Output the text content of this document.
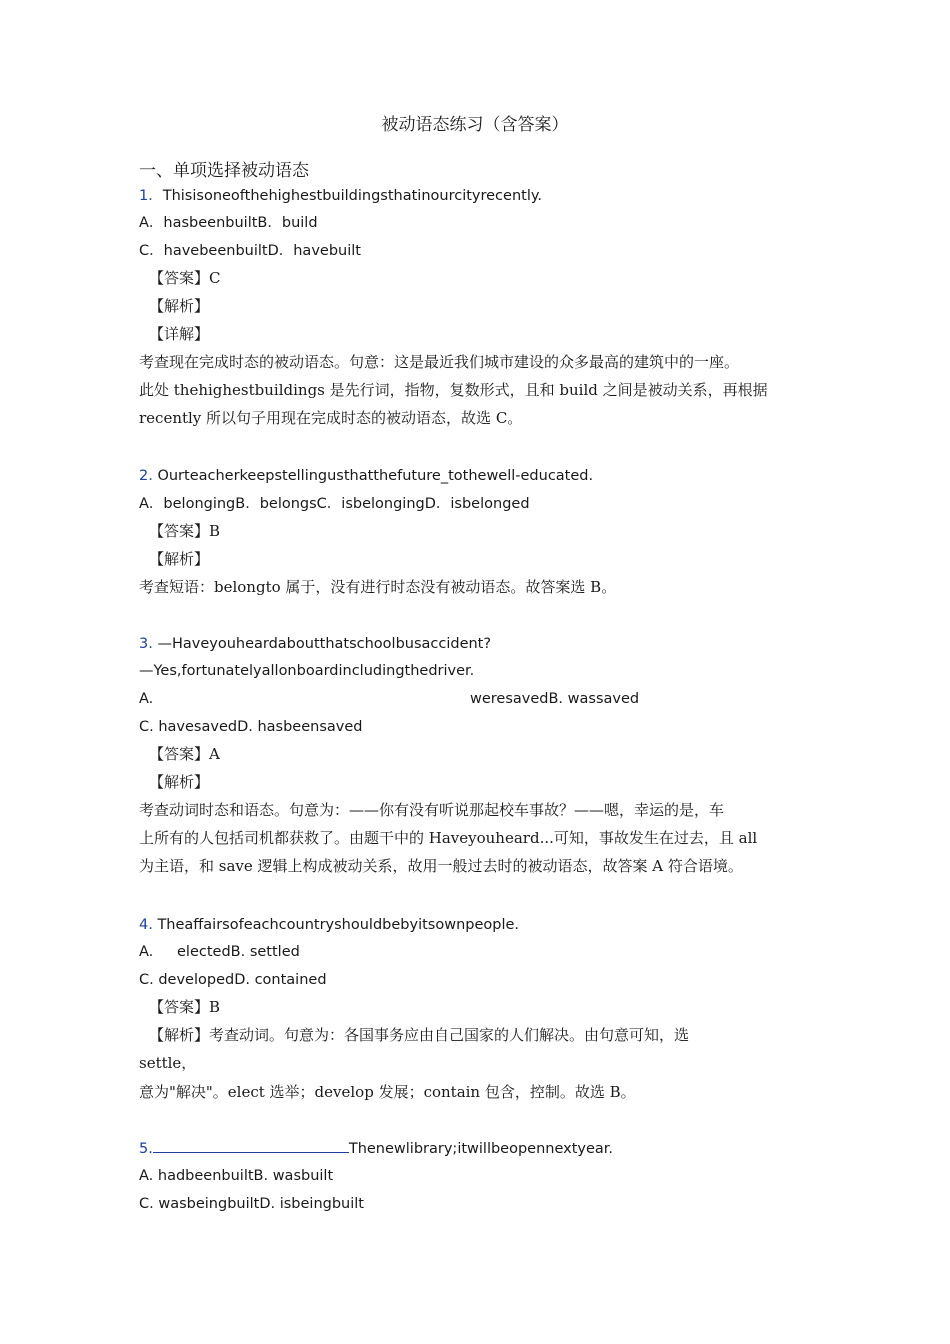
被动语态练习（含答案）
一、单项选择被动语态
1．Thisisoneofthehighestbuildingsthatinourcityrecently.
A．hasbeenbuiltB．build
C．havebeenbuiltD．havebuilt
【答案】C
【解析】
【详解】
考查现在完成时态的被动语态。句意：这是最近我们城市建设的众多最高的建筑中的一座。
此处 thehighestbuildings 是先行词，指物，复数形式，且和 build 之间是被动关系，再根据
recently 所以句子用现在完成时态的被动语态，故选 C。
2. Ourteacherkeepstellingusthatthefuture_tothewell-educated.
A．belongingB．belongsC．isbelongingD．isbelonged
【答案】B
【解析】
考查短语：belongto 属于，没有进行时态没有被动语态。故答案选 B。
3. —Haveyouheardaboutthatschoolbusaccident?
—Yes,fortunatelyallonboardincludingthedriver.
A.	weresavedB. wassaved
C. havesavedD. hasbeensaved
【答案】A
【解析】
考查动词时态和语态。句意为：——你有没有听说那起校车事故？——嗯，幸运的是，车
上所有的人包括司机都获救了。由题干中的 Haveyouheard...可知，事故发生在过去，且 all
为主语，和 save 逻辑上构成被动关系，故用一般过去时的被动语态，故答案 A 符合语境。
4. Theaffairsofeachcountryshouldbebyitsownpeople.
A. electedB. settled
C. developedD. contained
【答案】B
【解析】考查动词。句意为：各国事务应由自己国家的人们解决。由句意可知，选
settle，
意为"解决"。elect 选举；develop 发展；contain 包含，控制。故选 B。
5.	Thenewlibrary;itwillbeopennextyear.
A. hadbeenbuiltB. wasbuilt
C. wasbeingbuiltD. isbeingbuilt
